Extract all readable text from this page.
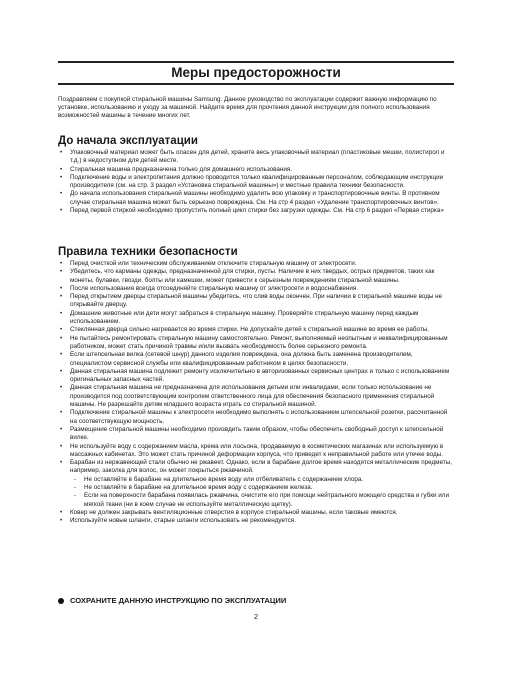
Меры предосторожности
Поздравляем с покупкой стиральной машины Samsung. Данное руководство по эксплуатации содержит важную информацию по установке, использованию и уходу за машиной. Найдите время для прочтения данной инструкции для полного использования возможностей машины в течение многих лет.
До начала эксплуатации
• Упаковочный материал может быть опасен для детей, храните весь упаковочный материал (пластиковые мешки, полистирол и т.д.) в недоступном для детей месте.
• Стиральная машина предназначена только для домашнего использования.
• Подключение воды и электропитания должно проводится только квалифицированным персоналом, соблюдающим инструкции производителя (см. на стр. 3 раздел «Установка стиральной машины») и местные правила техники безопасности.
• До начала использования стиральной машины необходимо удалить всю упаковку и транспортировочные винты. В противном случае стиральная машина может быть серьезно повреждена. См. На стр 4 раздел «Удаление транспортировочных винтов».
• Перед первой стиркой необходимо пропустить полный цикл стирки без загрузки одежды. См. На стр 6 раздел «Первая стирка»
Правила техники безопасности
• Перед очисткой или техническим обслуживанием отключите стиральную машину от электросети.
• Убедитесь, что карманы одежды, предназначенной для стирки, пусты. Наличие в них твердых, острых предметов, таких как монеты, булавки, гвозди, болты или камешки, может привести к серьезным повреждениям стиральной машины.
• После использования всегда отсоединяйте стиральную машину от электросети и водоснабжения.
• Перед открытием дверцы стиральной машины убедитесь, что слив воды окончен. При наличии в стиральной машине воды не открывайте дверцу.
• Домашние животные или дети могут забраться в стиральную машину. Проверяйте стиральную машину перед каждым использованием.
• Стеклянная дверца сильно нагревается во время стирки. Не допускайте детей к стиральной машине во время ее работы.
• Не пытайтесь ремонтировать стиральную машину самостоятельно. Ремонт, выполняемый неопытным и неквалифицированным работником, может стать причиной травмы и/или вызвать необходимость более серьезного ремонта.
• Если штепсельная вилка (сетевой шнур) данного изделия повреждена, она должна быть заменена производителем, специалистом сервисной службы или квалифицированным работником в целях безопасности.
• Данная стиральная машина подлежит ремонту исключительно в авторизованных сервисных центрах и только с использованием оригинальных запасных частей.
• Данная стиральная машина не предназначена для использования детьми или инвалидами, если только использование не производится под соответствующим контролем ответственного лица для обеспечения безопасного применения стиральной машины. Не разрешайте детям младшего возраста играть со стиральной машиной.
• Подключение стиральной машины к электросети необходимо выполнять с использованием штепсельной розетки, рассчитанной на соответствующую мощность.
• Размещение стиральной машины необходимо произвдить таким образом, чтобы обеспечить свободный доступ к штепсельной вилке.
• Не используйте воду с содержанием масла, крема или лосьона, продаваемую в косметических магазинах или используемую в массажных кабинетах. Это может стать причиной деформации корпуса, что приведет к неправильной работе или утечке воды.
• Барабан из нержавеющей стали обычно не ржавеет. Однако, если в барабане долгое время находятся металлические предметы, например, заколка для волос, он может покрыться ржавчиной.
- Не оставляйте в барабане на длительное время воду или отбеливатель с содержанием хлора.
- Не оставляйте в барабане на длительное время воду с содержанием железа.
- Если на поверхности барабана появилась ржавчина, очистите его при помощи нейтрального моющего средства и губки или мягкой ткани (ни в коем случае не используйте металлическую щетку).
• Ковер не должен закрывать вентиляционные отверстия в корпусе стиральной машины, если таковые имеются.
• Используйте новые шланги, старые шланги использовать не рекомендуется.
СОХРАНИТЕ ДАННУЮ ИНСТРУКЦИЮ ПО ЭКСПЛУАТАЦИИ
2
